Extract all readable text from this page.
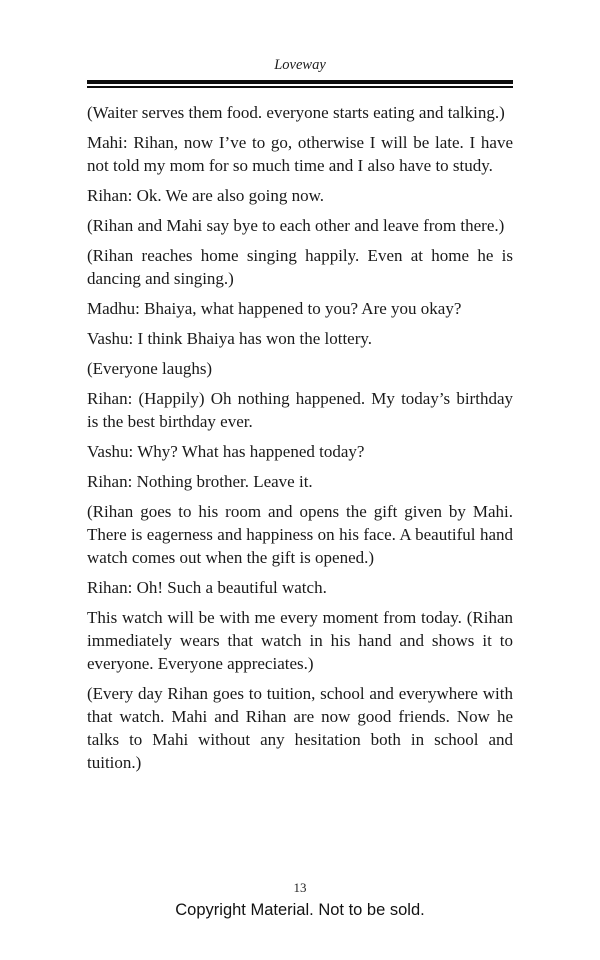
Loveway

(Waiter serves them food. everyone starts eating and talking.)

Mahi: Rihan, now I’ve to go, otherwise I will be late. I have not told my mom for so much time and I also have to study.

Rihan: Ok. We are also going now.

(Rihan and Mahi say bye to each other and leave from there.)

(Rihan reaches home singing happily. Even at home he is dancing and singing.)

Madhu: Bhaiya, what happened to you? Are you okay?

Vashu: I think Bhaiya has won the lottery.

(Everyone laughs)

Rihan: (Happily) Oh nothing happened. My today’s birthday is the best birthday ever.

Vashu: Why? What has happened today?

Rihan: Nothing brother. Leave it.

(Rihan goes to his room and opens the gift given by Mahi. There is eagerness and happiness on his face. A beautiful hand watch comes out when the gift is opened.)

Rihan: Oh! Such a beautiful watch.

This watch will be with me every moment from today. (Rihan immediately wears that watch in his hand and shows it to everyone. Everyone appreciates.)

(Every day Rihan goes to tuition, school and everywhere with that watch. Mahi and Rihan are now good friends. Now he talks to Mahi without any hesitation both in school and tuition.)

13
Copyright Material. Not to be sold.
